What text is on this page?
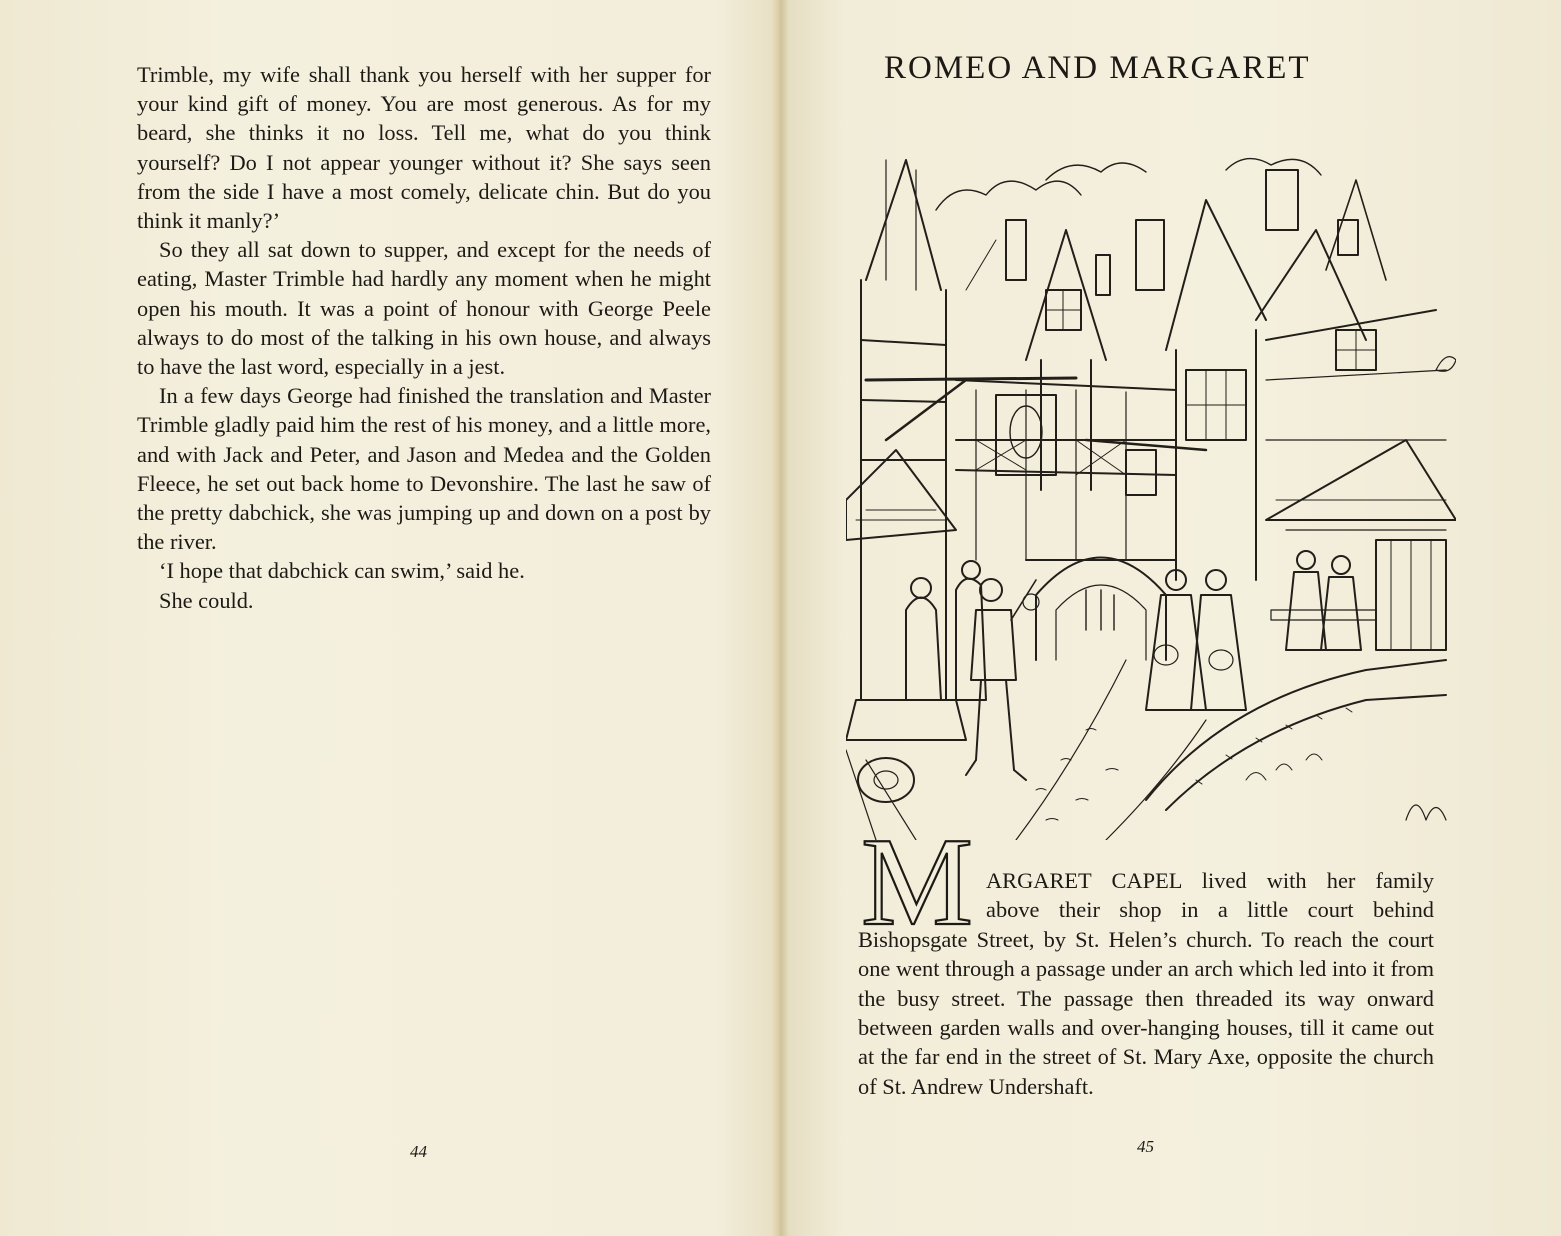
Trimble, my wife shall thank you herself with her supper for your kind gift of money. You are most generous. As for my beard, she thinks it no loss. Tell me, what do you think yourself? Do I not appear younger without it? She says seen from the side I have a most comely, delicate chin. But do you think it manly?’

So they all sat down to supper, and except for the needs of eating, Master Trimble had hardly any moment when he might open his mouth. It was a point of honour with George Peele always to do most of the talking in his own house, and always to have the last word, especially in a jest.

In a few days George had finished the translation and Master Trimble gladly paid him the rest of his money, and a little more, and with Jack and Peter, and Jason and Medea and the Golden Fleece, he set out back home to Devonshire. The last he saw of the pretty dabchick, she was jumping up and down on a post by the river.

‘I hope that dabchick can swim,’ said he.

She could.

44
ROMEO AND MARGARET
M ARGARET CAPEL lived with her family

above their shop in a little court behind

Bishopsgate Street, by St. Helen’s church. To reach the court one went through a passage under an arch which led into it from the busy street. The passage then threaded its way onward between garden walls and over-hanging houses, till it came out at the far end in the street of St. Mary Axe, opposite the church of St. Andrew Undershaft.

45
